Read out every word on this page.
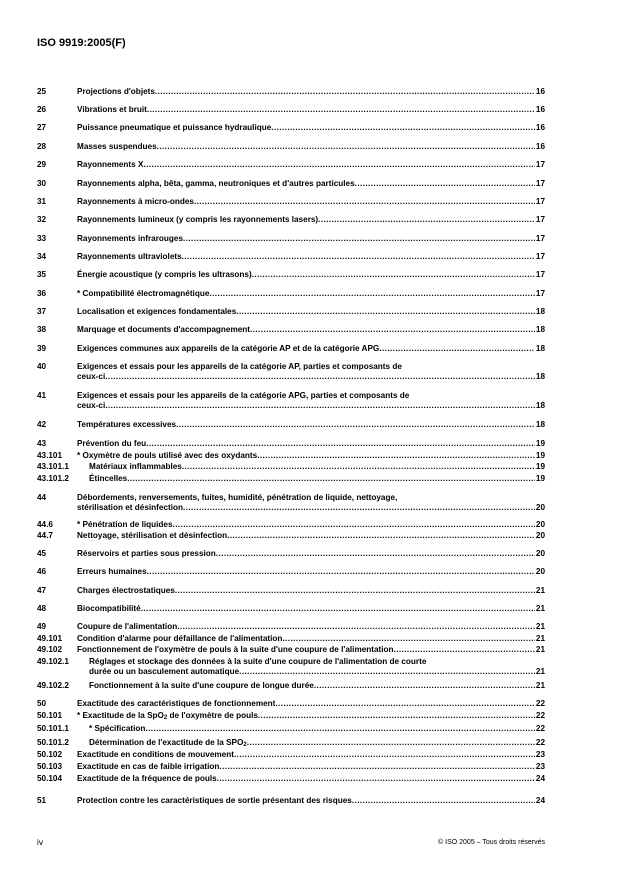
ISO 9919:2005(F)
25	Projections d'objets .....	16
26	Vibrations et bruit .....	16
27	Puissance pneumatique et puissance hydraulique .....	16
28	Masses suspendues .....	16
29	Rayonnements X .....	17
30	Rayonnements alpha, bêta, gamma, neutroniques et d'autres particules .....	17
31	Rayonnements à micro-ondes .....	17
32	Rayonnements lumineux (y compris les rayonnements lasers) .....	17
33	Rayonnements infrarouges .....	17
34	Rayonnements ultraviolets .....	17
35	Énergie acoustique (y compris les ultrasons) .....	17
36	* Compatibilité électromagnétique .....	17
37	Localisation et exigences fondamentales .....	18
38	Marquage et documents d'accompagnement .....	18
39	Exigences communes aux appareils de la catégorie AP et de la catégorie APG .....	18
40	Exigences et essais pour les appareils de la catégorie AP, parties et composants de
ceux-ci .....	18
41	Exigences et essais pour les appareils de la catégorie APG, parties et composants de
ceux-ci .....	18
42	Températures excessives .....	18
43	Prévention du feu .....	19
43.101 * Oxymètre de pouls utilisé avec des oxydants .....	19
43.101.1 Matériaux inflammables .....	19
43.101.2 Étincelles .....	19
44	Débordements, renversements, fuites, humidité, pénétration de liquide, nettoyage,
stérilisation et désinfection .....	20
44.6	* Pénétration de liquides .....	20
44.7	Nettoyage, stérilisation et désinfection .....	20
45	Réservoirs et parties sous pression .....	20
46	Erreurs humaines .....	20
47	Charges électrostatiques .....	21
48	Biocompatibilité .....	21
49	Coupure de l'alimentation .....	21
49.101 Condition d'alarme pour défaillance de l'alimentation .....	21
49.102 Fonctionnement de l'oxymètre de pouls à la suite d'une coupure de l'alimentation .....	21
49.102.1 Réglages et stockage des données à la suite d'une coupure de l'alimentation de courte
durée ou un basculement automatique .....	21
49.102.2 Fonctionnement à la suite d'une coupure de longue durée .....	21
50	Exactitude des caractéristiques de fonctionnement .....	22
50.101 * Exactitude de la SpO$_2$ de l'oxymètre de pouls .....	22
50.101.1 * Spécification .....	22
50.101.2 Détermination de l'exactitude de la $SPO_2$ .....	22
50.102 Exactitude en conditions de mouvement .....	23
50.103 Exactitude en cas de faible irrigation .....	23
50.104 Exactitude de la fréquence de pouls .....	24
51	Protection contre les caractéristiques de sortie présentant des risques .....	24
iv	© ISO 2005 – Tous droits réservés
